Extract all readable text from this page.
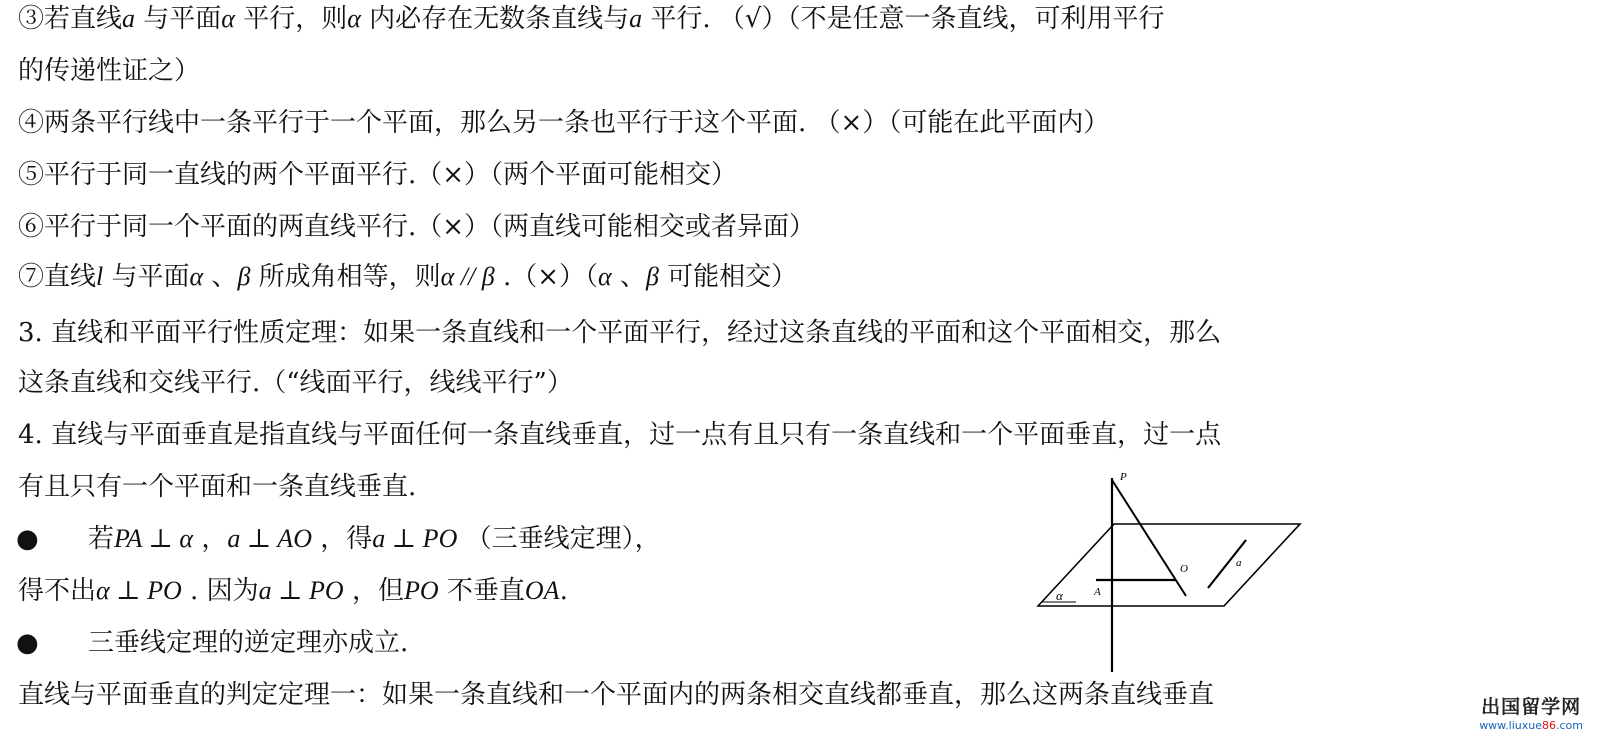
③若直线a 与平面α 平行，则α 内必存在无数条直线与a 平行. （√）（不是任意一条直线，可利用平行
的传递性证之）
④两条平行线中一条平行于一个平面，那么另一条也平行于这个平面. （×）（可能在此平面内）
⑤平行于同一直线的两个平面平行.（×）（两个平面可能相交）
⑥平行于同一个平面的两直线平行.（×）（两直线可能相交或者异面）
⑦直线l 与平面α 、β 所成角相等，则α // β .（×）（α 、β 可能相交）
3. 直线和平面平行性质定理：如果一条直线和一个平面平行，经过这条直线的平面和这个平面相交，那么
这条直线和交线平行.（“线面平行，线线平行”）
4. 直线与平面垂直是指直线与平面任何一条直线垂直，过一点有且只有一条直线和一个平面垂直，过一点
有且只有一个平面和一条直线垂直.
● 若PA ⊥ α ，a ⊥ AO ，得a ⊥ PO （三垂线定理），
得不出α ⊥ PO . 因为a ⊥ PO ，但PO 不垂直OA.
● 三垂线定理的逆定理亦成立.
直线与平面垂直的判定定理一：如果一条直线和一个平面内的两条相交直线都垂直，那么这两条直线垂直
P
O
A
a
α
出国留学网
www.liuxue86.com
